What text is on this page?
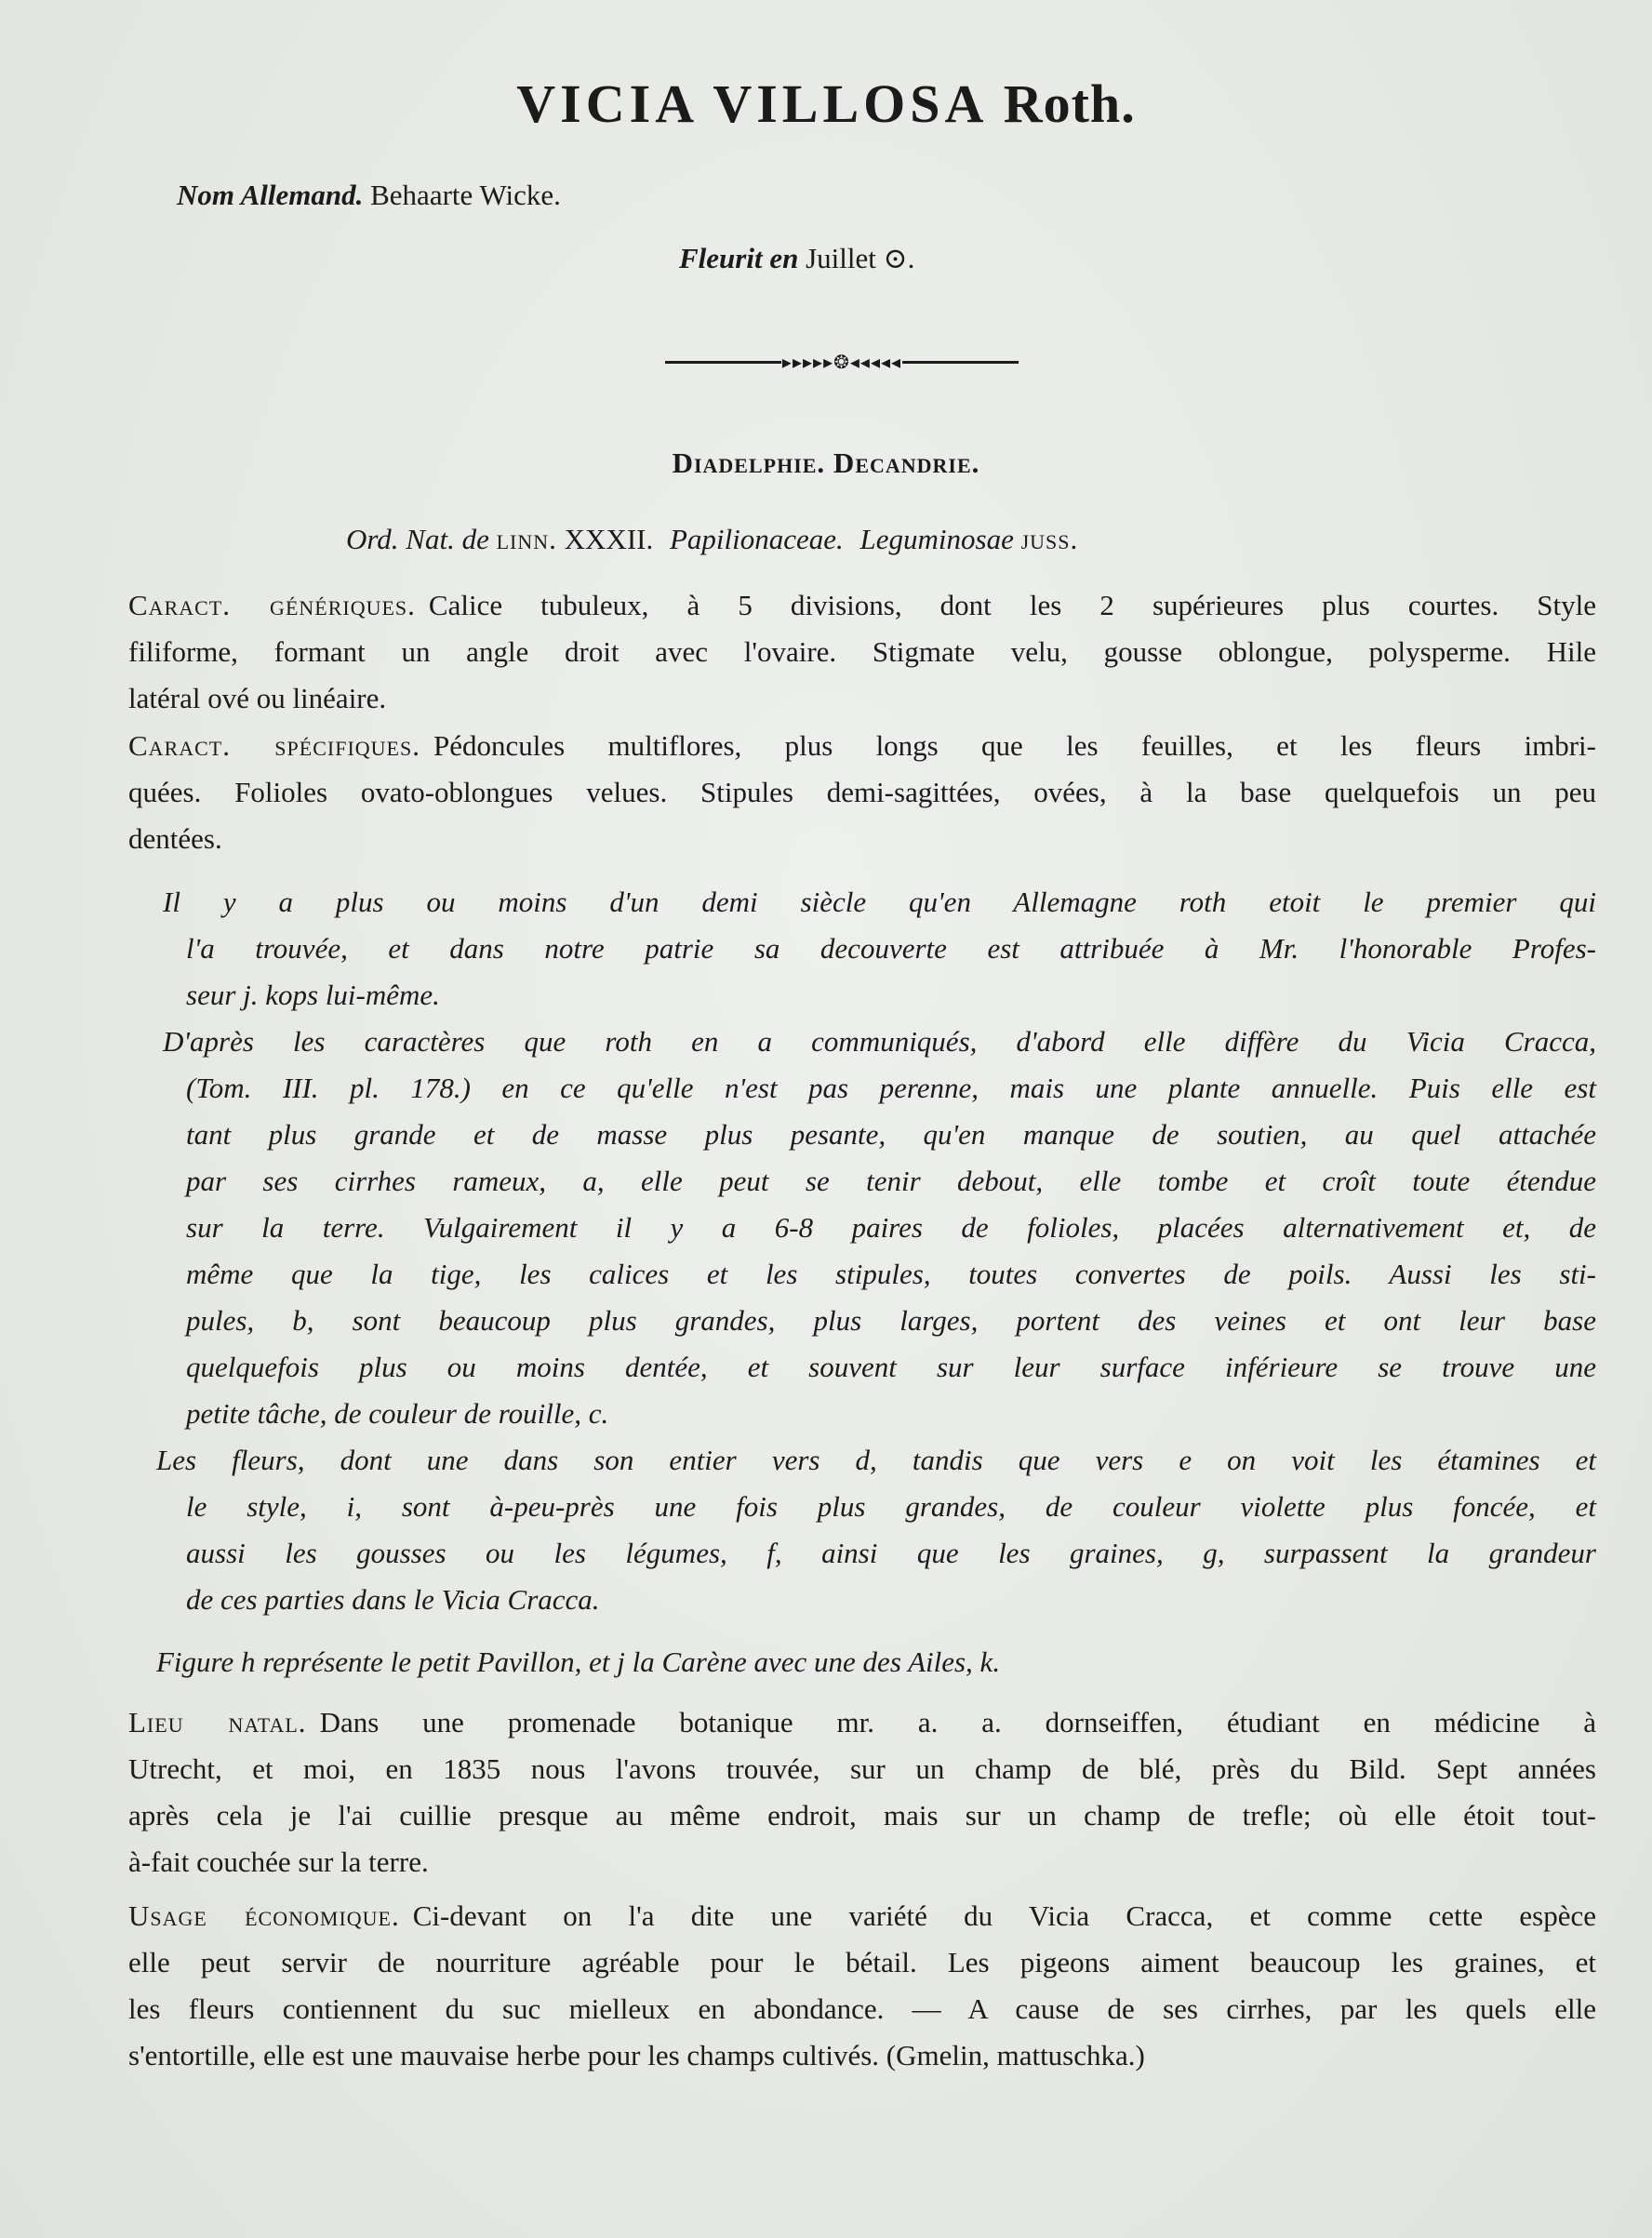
VICIA VILLOSA Roth.
Nom Allemand. Behaarte Wicke.
Fleurit en Juillet ⊙.
▸▸▸▸▸❂◂◂◂◂◂
Diadelphie. Decandrie.
Ord. Nat. de linn. XXXII. Papilionaceae. Leguminosae juss.
Caract. génériques. Calice tubuleux, à 5 divisions, dont les 2 supérieures plus courtes. Style
filiforme, formant un angle droit avec l'ovaire. Stigmate velu, gousse oblongue, polysperme. Hile
latéral ové ou linéaire.
Caract. spécifiques. Pédoncules multiflores, plus longs que les feuilles, et les fleurs imbri-
quées. Folioles ovato-oblongues velues. Stipules demi-sagittées, ovées, à la base quelquefois un peu
dentées.
Il y a plus ou moins d'un demi siècle qu'en Allemagne roth etoit le premier qui
l'a trouvée, et dans notre patrie sa decouverte est attribuée à Mr. l'honorable Profes-
seur j. kops lui-même.
D'après les caractères que roth en a communiqués, d'abord elle diffère du Vicia Cracca,
(Tom. III. pl. 178.) en ce qu'elle n'est pas perenne, mais une plante annuelle. Puis elle est
tant plus grande et de masse plus pesante, qu'en manque de soutien, au quel attachée
par ses cirrhes rameux, a, elle peut se tenir debout, elle tombe et croît toute étendue
sur la terre. Vulgairement il y a 6-8 paires de folioles, placées alternativement et, de
même que la tige, les calices et les stipules, toutes convertes de poils. Aussi les sti-
pules, b, sont beaucoup plus grandes, plus larges, portent des veines et ont leur base
quelquefois plus ou moins dentée, et souvent sur leur surface inférieure se trouve une
petite tâche, de couleur de rouille, c.
Les fleurs, dont une dans son entier vers d, tandis que vers e on voit les étamines et
le style, i, sont à-peu-près une fois plus grandes, de couleur violette plus foncée, et
aussi les gousses ou les légumes, f, ainsi que les graines, g, surpassent la grandeur
de ces parties dans le Vicia Cracca.
Figure h représente le petit Pavillon, et j la Carène avec une des Ailes, k.
Lieu natal. Dans une promenade botanique mr. a. a. dornseiffen, étudiant en médicine à
Utrecht, et moi, en 1835 nous l'avons trouvée, sur un champ de blé, près du Bild. Sept années
après cela je l'ai cuillie presque au même endroit, mais sur un champ de trefle; où elle étoit tout-
à-fait couchée sur la terre.
Usage économique. Ci-devant on l'a dite une variété du Vicia Cracca, et comme cette espèce
elle peut servir de nourriture agréable pour le bétail. Les pigeons aiment beaucoup les graines, et
les fleurs contiennent du suc mielleux en abondance. — A cause de ses cirrhes, par les quels elle
s'entortille, elle est une mauvaise herbe pour les champs cultivés. (Gmelin, mattuschka.)
